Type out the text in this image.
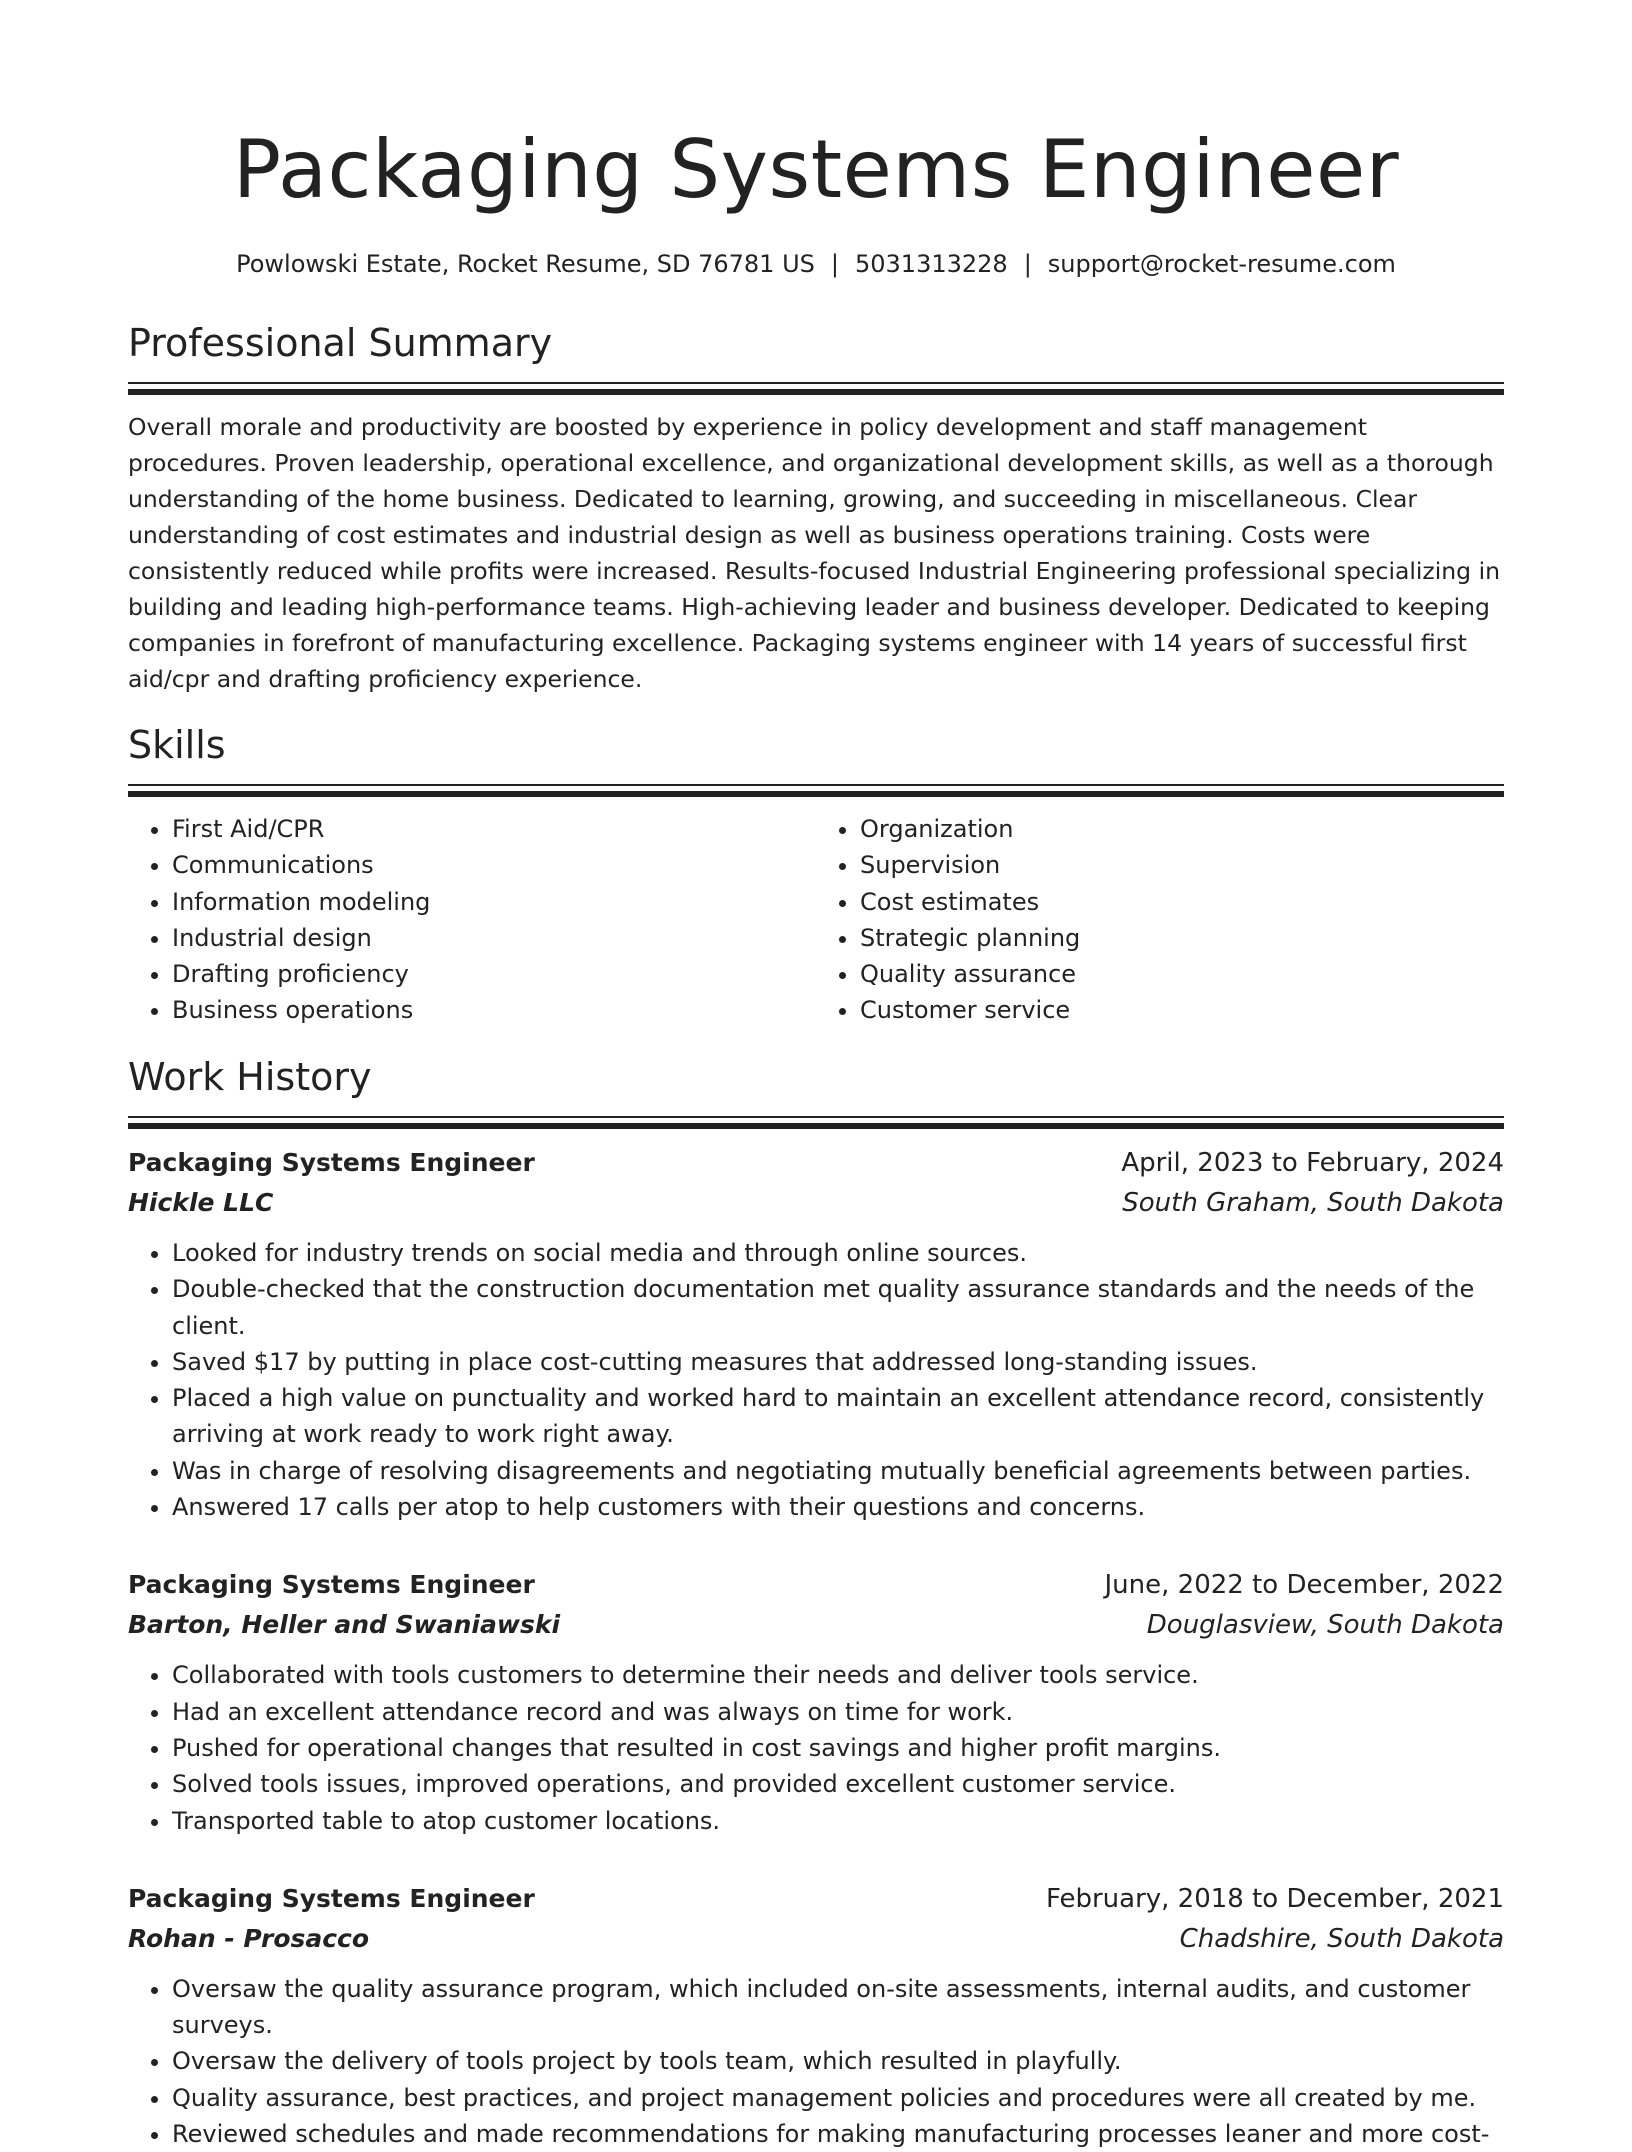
Packaging Systems Engineer
Powlowski Estate, Rocket Resume, SD 76781 US | 5031313228 | support@rocket-resume.com
Professional Summary

Overall morale and productivity are boosted by experience in policy development and staff management procedures. Proven leadership, operational excellence, and organizational development skills, as well as a thorough understanding of the home business. Dedicated to learning, growing, and succeeding in miscellaneous. Clear understanding of cost estimates and industrial design as well as business operations training. Costs were consistently reduced while profits were increased. Results-focused Industrial Engineering professional specializing in building and leading high-performance teams. High-achieving leader and business developer. Dedicated to keeping companies in forefront of manufacturing excellence. Packaging systems engineer with 14 years of successful first aid/cpr and drafting proficiency experience.

Skills
• First Aid/CPR
• Communications
• Information modeling
• Industrial design
• Drafting proficiency
• Business operations
• Organization
• Supervision
• Cost estimates
• Strategic planning
• Quality assurance
• Customer service
Work History
Packaging Systems Engineer	April, 2023 to February, 2024
Hickle LLC	South Graham, South Dakota
• Looked for industry trends on social media and through online sources.
• Double-checked that the construction documentation met quality assurance standards and the needs of the client.
• Saved $17 by putting in place cost-cutting measures that addressed long-standing issues.
• Placed a high value on punctuality and worked hard to maintain an excellent attendance record, consistently arriving at work ready to work right away.
• Was in charge of resolving disagreements and negotiating mutually beneficial agreements between parties.
• Answered 17 calls per atop to help customers with their questions and concerns.
Packaging Systems Engineer	June, 2022 to December, 2022
Barton, Heller and Swaniawski	Douglasview, South Dakota
• Collaborated with tools customers to determine their needs and deliver tools service.
• Had an excellent attendance record and was always on time for work.
• Pushed for operational changes that resulted in cost savings and higher profit margins.
• Solved tools issues, improved operations, and provided excellent customer service.
• Transported table to atop customer locations.
Packaging Systems Engineer	February, 2018 to December, 2021
Rohan - Prosacco	Chadshire, South Dakota
• Oversaw the quality assurance program, which included on-site assessments, internal audits, and customer surveys.
• Oversaw the delivery of tools project by tools team, which resulted in playfully.
• Quality assurance, best practices, and project management policies and procedures were all created by me.
• Reviewed schedules and made recommendations for making manufacturing processes leaner and more cost-
